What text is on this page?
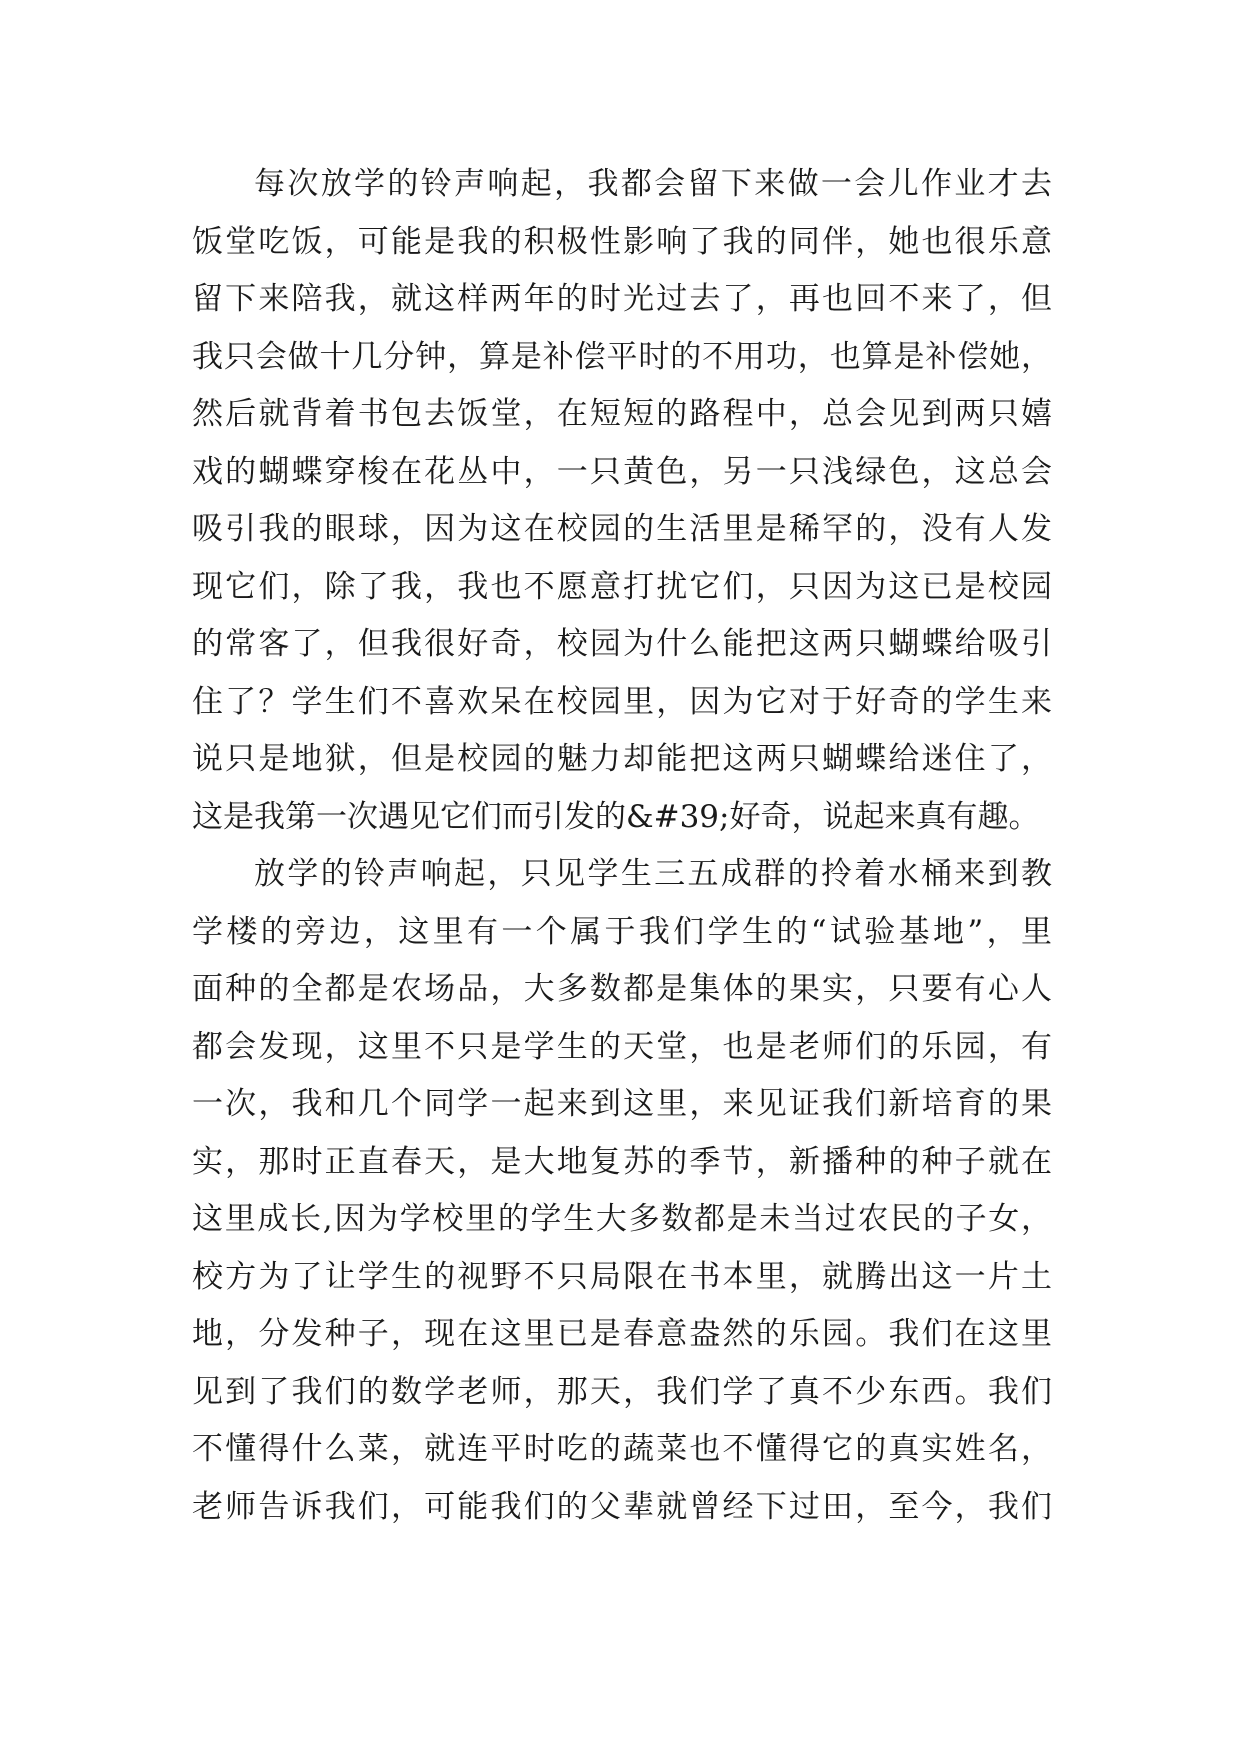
每次放学的铃声响起，我都会留下来做一会儿作业才去
饭堂吃饭，可能是我的积极性影响了我的同伴，她也很乐意
留下来陪我，就这样两年的时光过去了，再也回不来了，但
我只会做十几分钟，算是补偿平时的不用功，也算是补偿她，
然后就背着书包去饭堂，在短短的路程中，总会见到两只嬉
戏的蝴蝶穿梭在花丛中，一只黄色，另一只浅绿色，这总会
吸引我的眼球，因为这在校园的生活里是稀罕的，没有人发
现它们，除了我，我也不愿意打扰它们，只因为这已是校园
的常客了，但我很好奇，校园为什么能把这两只蝴蝶给吸引
住了？学生们不喜欢呆在校园里，因为它对于好奇的学生来
说只是地狱，但是校园的魅力却能把这两只蝴蝶给迷住了，
这是我第一次遇见它们而引发的&#39;好奇，说起来真有趣。
放学的铃声响起，只见学生三五成群的拎着水桶来到教
学楼的旁边，这里有一个属于我们学生的“试验基地”，里
面种的全都是农场品，大多数都是集体的果实，只要有心人
都会发现，这里不只是学生的天堂，也是老师们的乐园，有
一次，我和几个同学一起来到这里，来见证我们新培育的果
实，那时正直春天，是大地复苏的季节，新播种的种子就在
这里成长,因为学校里的学生大多数都是未当过农民的子女，
校方为了让学生的视野不只局限在书本里，就腾出这一片土
地，分发种子，现在这里已是春意盎然的乐园。我们在这里
见到了我们的数学老师，那天，我们学了真不少东西。我们
不懂得什么菜，就连平时吃的蔬菜也不懂得它的真实姓名，
老师告诉我们，可能我们的父辈就曾经下过田，至今，我们
